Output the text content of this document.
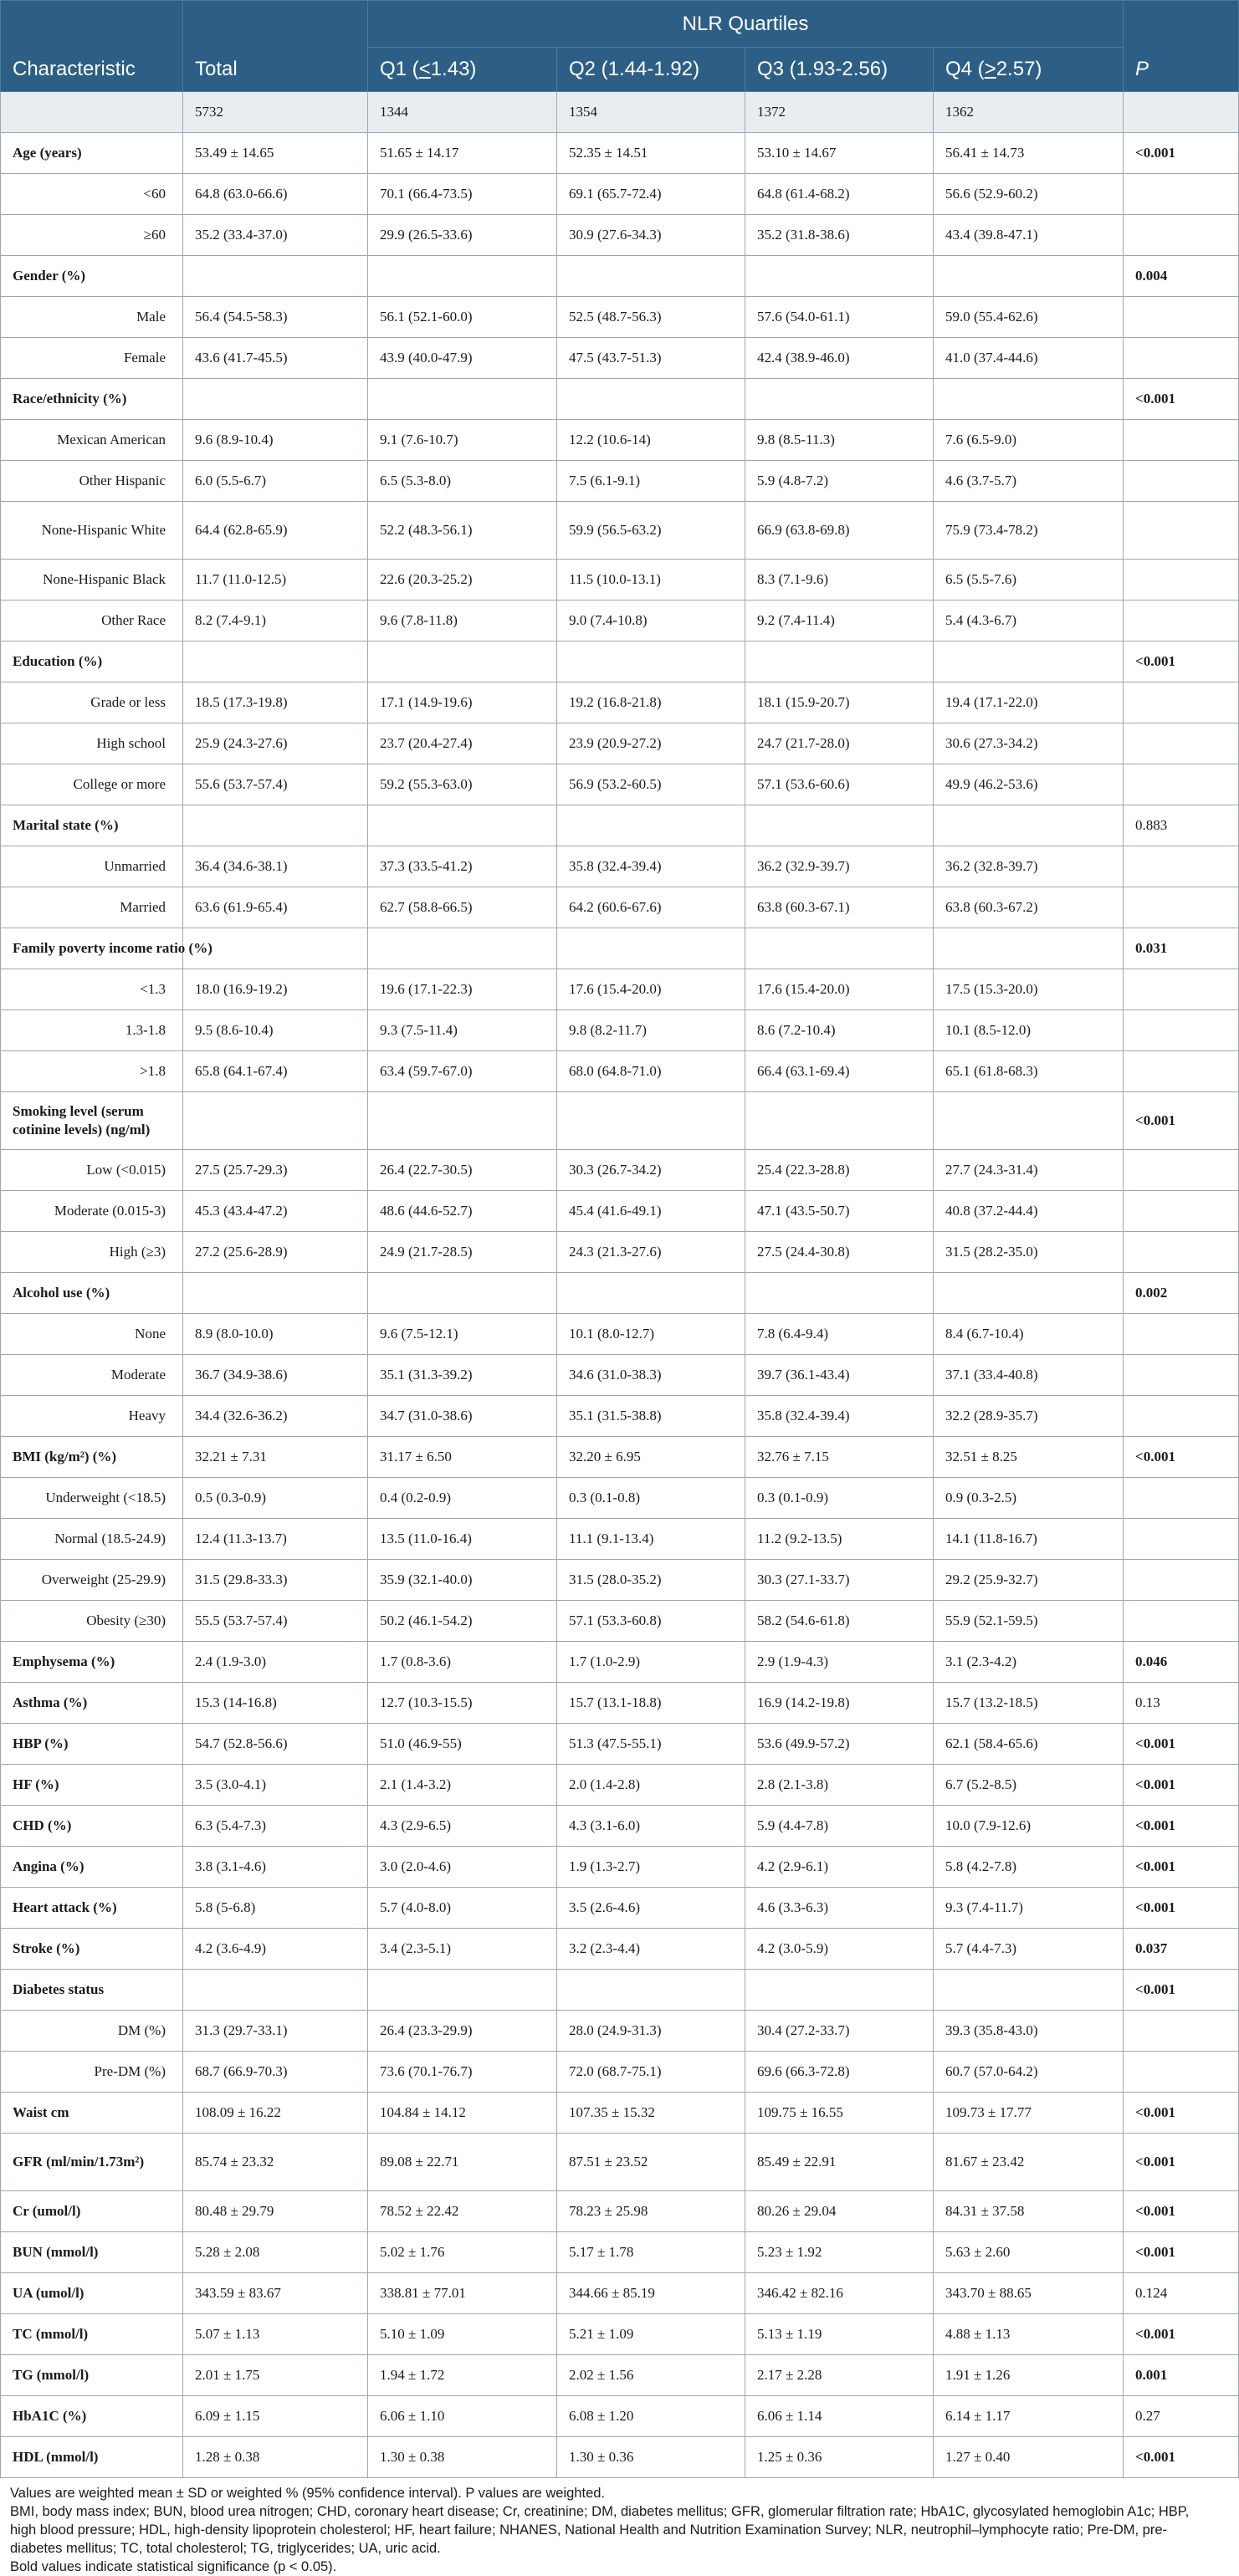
Characteristic	Total	NLR Quartiles				P
		Q1 (<1.43)	Q2 (1.44-1.92)	Q3 (1.93-2.56)	Q4 (>2.57)	
	5732	1344	1354	1372	1362	
Age (years)	53.49 ± 14.65	51.65 ± 14.17	52.35 ± 14.51	53.10 ± 14.67	56.41 ± 14.73	<0.001
<60	64.8 (63.0-66.6)	70.1 (66.4-73.5)	69.1 (65.7-72.4)	64.8 (61.4-68.2)	56.6 (52.9-60.2)	
≥60	35.2 (33.4-37.0)	29.9 (26.5-33.6)	30.9 (27.6-34.3)	35.2 (31.8-38.6)	43.4 (39.8-47.1)	
Gender (%)						0.004
Male	56.4 (54.5-58.3)	56.1 (52.1-60.0)	52.5 (48.7-56.3)	57.6 (54.0-61.1)	59.0 (55.4-62.6)	
Female	43.6 (41.7-45.5)	43.9 (40.0-47.9)	47.5 (43.7-51.3)	42.4 (38.9-46.0)	41.0 (37.4-44.6)	
Race/ethnicity (%)						<0.001
Mexican American	9.6 (8.9-10.4)	9.1 (7.6-10.7)	12.2 (10.6-14)	9.8 (8.5-11.3)	7.6 (6.5-9.0)	
Other Hispanic	6.0 (5.5-6.7)	6.5 (5.3-8.0)	7.5 (6.1-9.1)	5.9 (4.8-7.2)	4.6 (3.7-5.7)	
None-Hispanic White	64.4 (62.8-65.9)	52.2 (48.3-56.1)	59.9 (56.5-63.2)	66.9 (63.8-69.8)	75.9 (73.4-78.2)	
None-Hispanic Black	11.7 (11.0-12.5)	22.6 (20.3-25.2)	11.5 (10.0-13.1)	8.3 (7.1-9.6)	6.5 (5.5-7.6)	
Other Race	8.2 (7.4-9.1)	9.6 (7.8-11.8)	9.0 (7.4-10.8)	9.2 (7.4-11.4)	5.4 (4.3-6.7)	
Education (%)						<0.001
Grade or less	18.5 (17.3-19.8)	17.1 (14.9-19.6)	19.2 (16.8-21.8)	18.1 (15.9-20.7)	19.4 (17.1-22.0)	
High school	25.9 (24.3-27.6)	23.7 (20.4-27.4)	23.9 (20.9-27.2)	24.7 (21.7-28.0)	30.6 (27.3-34.2)	
College or more	55.6 (53.7-57.4)	59.2 (55.3-63.0)	56.9 (53.2-60.5)	57.1 (53.6-60.6)	49.9 (46.2-53.6)	
Marital state (%)						0.883
Unmarried	36.4 (34.6-38.1)	37.3 (33.5-41.2)	35.8 (32.4-39.4)	36.2 (32.9-39.7)	36.2 (32.8-39.7)	
Married	63.6 (61.9-65.4)	62.7 (58.8-66.5)	64.2 (60.6-67.6)	63.8 (60.3-67.1)	63.8 (60.3-67.2)	
Family poverty income ratio (%)						0.031
<1.3	18.0 (16.9-19.2)	19.6 (17.1-22.3)	17.6 (15.4-20.0)	17.6 (15.4-20.0)	17.5 (15.3-20.0)	
1.3-1.8	9.5 (8.6-10.4)	9.3 (7.5-11.4)	9.8 (8.2-11.7)	8.6 (7.2-10.4)	10.1 (8.5-12.0)	
>1.8	65.8 (64.1-67.4)	63.4 (59.7-67.0)	68.0 (64.8-71.0)	66.4 (63.1-69.4)	65.1 (61.8-68.3)	
Smoking level (serum cotinine levels) (ng/ml)						<0.001
Low (<0.015)	27.5 (25.7-29.3)	26.4 (22.7-30.5)	30.3 (26.7-34.2)	25.4 (22.3-28.8)	27.7 (24.3-31.4)	
Moderate (0.015-3)	45.3 (43.4-47.2)	48.6 (44.6-52.7)	45.4 (41.6-49.1)	47.1 (43.5-50.7)	40.8 (37.2-44.4)	
High (≥3)	27.2 (25.6-28.9)	24.9 (21.7-28.5)	24.3 (21.3-27.6)	27.5 (24.4-30.8)	31.5 (28.2-35.0)	
Alcohol use (%)						0.002
None	8.9 (8.0-10.0)	9.6 (7.5-12.1)	10.1 (8.0-12.7)	7.8 (6.4-9.4)	8.4 (6.7-10.4)	
Moderate	36.7 (34.9-38.6)	35.1 (31.3-39.2)	34.6 (31.0-38.3)	39.7 (36.1-43.4)	37.1 (33.4-40.8)	
Heavy	34.4 (32.6-36.2)	34.7 (31.0-38.6)	35.1 (31.5-38.8)	35.8 (32.4-39.4)	32.2 (28.9-35.7)	
BMI (kg/m²) (%)	32.21 ± 7.31	31.17 ± 6.50	32.20 ± 6.95	32.76 ± 7.15	32.51 ± 8.25	<0.001
Underweight (<18.5)	0.5 (0.3-0.9)	0.4 (0.2-0.9)	0.3 (0.1-0.8)	0.3 (0.1-0.9)	0.9 (0.3-2.5)	
Normal (18.5-24.9)	12.4 (11.3-13.7)	13.5 (11.0-16.4)	11.1 (9.1-13.4)	11.2 (9.2-13.5)	14.1 (11.8-16.7)	
Overweight (25-29.9)	31.5 (29.8-33.3)	35.9 (32.1-40.0)	31.5 (28.0-35.2)	30.3 (27.1-33.7)	29.2 (25.9-32.7)	
Obesity (≥30)	55.5 (53.7-57.4)	50.2 (46.1-54.2)	57.1 (53.3-60.8)	58.2 (54.6-61.8)	55.9 (52.1-59.5)	
Emphysema (%)	2.4 (1.9-3.0)	1.7 (0.8-3.6)	1.7 (1.0-2.9)	2.9 (1.9-4.3)	3.1 (2.3-4.2)	0.046
Asthma (%)	15.3 (14-16.8)	12.7 (10.3-15.5)	15.7 (13.1-18.8)	16.9 (14.2-19.8)	15.7 (13.2-18.5)	0.13
HBP (%)	54.7 (52.8-56.6)	51.0 (46.9-55)	51.3 (47.5-55.1)	53.6 (49.9-57.2)	62.1 (58.4-65.6)	<0.001
HF (%)	3.5 (3.0-4.1)	2.1 (1.4-3.2)	2.0 (1.4-2.8)	2.8 (2.1-3.8)	6.7 (5.2-8.5)	<0.001
CHD (%)	6.3 (5.4-7.3)	4.3 (2.9-6.5)	4.3 (3.1-6.0)	5.9 (4.4-7.8)	10.0 (7.9-12.6)	<0.001
Angina (%)	3.8 (3.1-4.6)	3.0 (2.0-4.6)	1.9 (1.3-2.7)	4.2 (2.9-6.1)	5.8 (4.2-7.8)	<0.001
Heart attack (%)	5.8 (5-6.8)	5.7 (4.0-8.0)	3.5 (2.6-4.6)	4.6 (3.3-6.3)	9.3 (7.4-11.7)	<0.001
Stroke (%)	4.2 (3.6-4.9)	3.4 (2.3-5.1)	3.2 (2.3-4.4)	4.2 (3.0-5.9)	5.7 (4.4-7.3)	0.037
Diabetes status						<0.001
DM (%)	31.3 (29.7-33.1)	26.4 (23.3-29.9)	28.0 (24.9-31.3)	30.4 (27.2-33.7)	39.3 (35.8-43.0)	
Pre-DM (%)	68.7 (66.9-70.3)	73.6 (70.1-76.7)	72.0 (68.7-75.1)	69.6 (66.3-72.8)	60.7 (57.0-64.2)	
Waist cm	108.09 ± 16.22	104.84 ± 14.12	107.35 ± 15.32	109.75 ± 16.55	109.73 ± 17.77	<0.001
GFR (ml/min/1.73m²)	85.74 ± 23.32	89.08 ± 22.71	87.51 ± 23.52	85.49 ± 22.91	81.67 ± 23.42	<0.001
Cr (umol/l)	80.48 ± 29.79	78.52 ± 22.42	78.23 ± 25.98	80.26 ± 29.04	84.31 ± 37.58	<0.001
BUN (mmol/l)	5.28 ± 2.08	5.02 ± 1.76	5.17 ± 1.78	5.23 ± 1.92	5.63 ± 2.60	<0.001
UA (umol/l)	343.59 ± 83.67	338.81 ± 77.01	344.66 ± 85.19	346.42 ± 82.16	343.70 ± 88.65	0.124
TC (mmol/l)	5.07 ± 1.13	5.10 ± 1.09	5.21 ± 1.09	5.13 ± 1.19	4.88 ± 1.13	<0.001
TG (mmol/l)	2.01 ± 1.75	1.94 ± 1.72	2.02 ± 1.56	2.17 ± 2.28	1.91 ± 1.26	0.001
HbA1C (%)	6.09 ± 1.15	6.06 ± 1.10	6.08 ± 1.20	6.06 ± 1.14	6.14 ± 1.17	0.27
HDL (mmol/l)	1.28 ± 0.38	1.30 ± 0.38	1.30 ± 0.36	1.25 ± 0.36	1.27 ± 0.40	<0.001
Values are weighted mean ± SD or weighted % (95% confidence interval). P values are weighted.
BMI, body mass index; BUN, blood urea nitrogen; CHD, coronary heart disease; Cr, creatinine; DM, diabetes mellitus; GFR, glomerular filtration rate; HbA1C, glycosylated hemoglobin A1c; HBP, high blood pressure; HDL, high-density lipoprotein cholesterol; HF, heart failure; NHANES, National Health and Nutrition Examination Survey; NLR, neutrophil–lymphocyte ratio; Pre-DM, pre- diabetes mellitus; TC, total cholesterol; TG, triglycerides; UA, uric acid.
Bold values indicate statistical significance (p < 0.05).
